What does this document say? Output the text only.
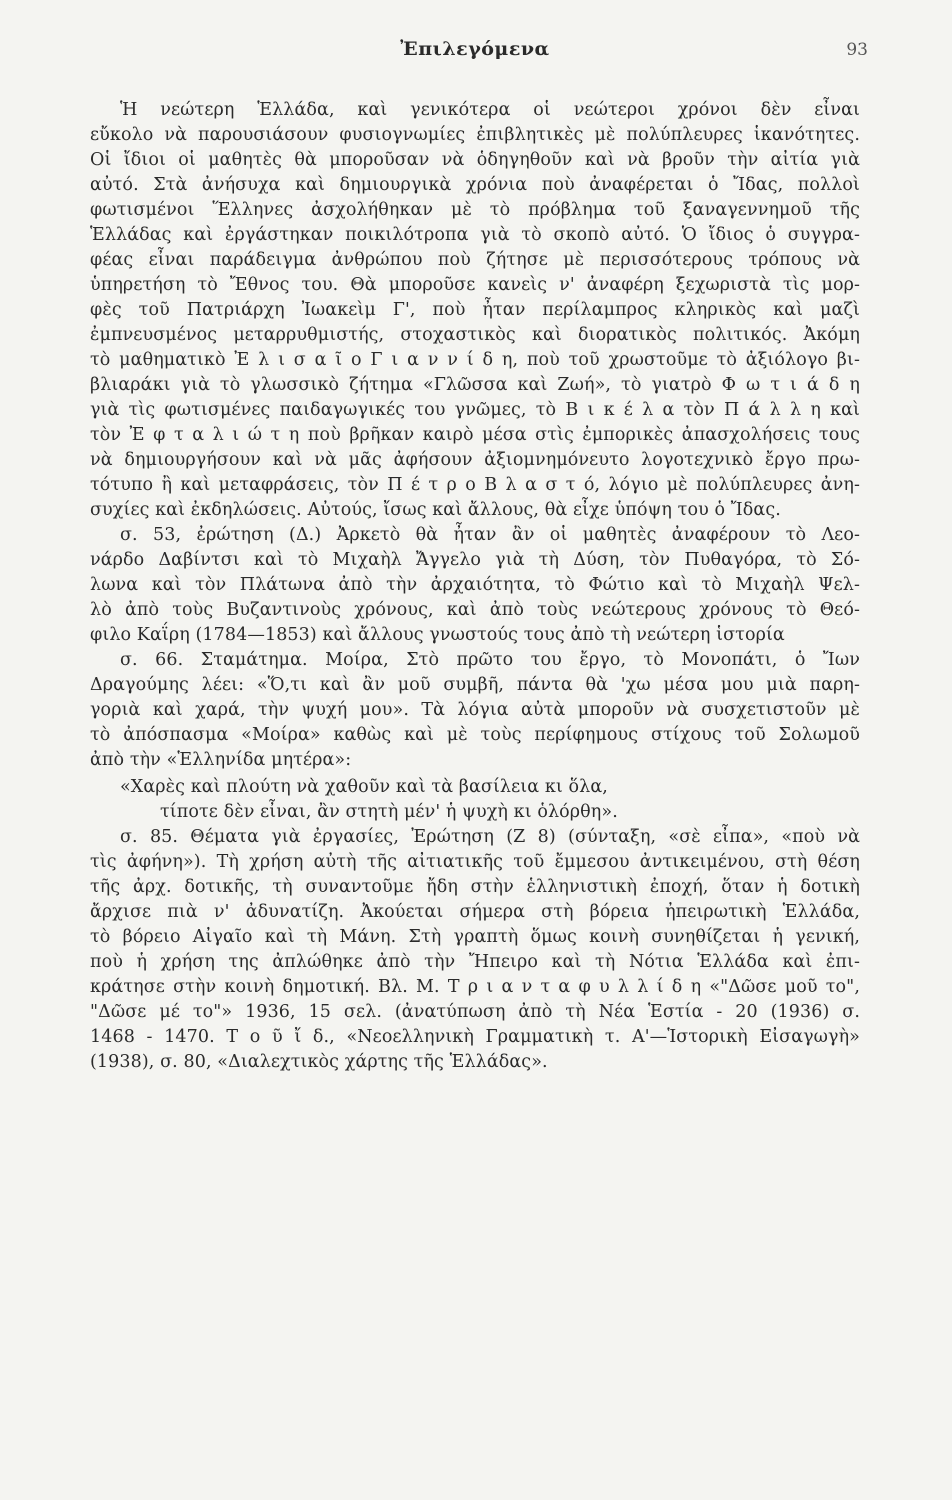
Ἐπιλεγόμενα	93
Ἡ νεώτερη Ἑλλάδα, καὶ γενικότερα οἱ νεώτεροι χρόνοι δὲν εἶναι
εὔκολο νὰ παρουσιάσουν φυσιογνωμίες ἐπιβλητικὲς μὲ πολύπλευρες ἱκανότητες.
Οἱ ἴδιοι οἱ μαθητὲς θὰ μποροῦσαν νὰ ὁδηγηθοῦν καὶ νὰ βροῦν τὴν αἰτία γιὰ
αὐτό. Στὰ ἀνήσυχα καὶ δημιουργικὰ χρόνια ποὺ ἀναφέρεται ὁ Ἴδας, πολλοὶ
φωτισμένοι Ἕλληνες ἀσχολήθηκαν μὲ τὸ πρόβλημα τοῦ ξαναγεννημοῦ τῆς
Ἑλλάδας καὶ ἐργάστηκαν ποικιλότροπα γιὰ τὸ σκοπὸ αὐτό. Ὁ ἴδιος ὁ συγγρα-
φέας εἶναι παράδειγμα ἀνθρώπου ποὺ ζήτησε μὲ περισσότερους τρόπους νὰ
ὑπηρετήση τὸ Ἔθνος του. Θὰ μποροῦσε κανεὶς ν' ἀναφέρη ξεχωριστὰ τὶς μορ-
φὲς τοῦ Πατριάρχη Ἰωακεὶμ Γ', ποὺ ἦταν περίλαμπρος κληρικὸς καὶ μαζὶ
ἐμπνευσμένος μεταρρυθμιστής, στοχαστικὸς καὶ διορατικὸς πολιτικός. Ἀκόμη
τὸ μαθηματικὸ Ἐ λ ι σ α ῖ ο Γ ι α ν ν ί δ η, ποὺ τοῦ χρωστοῦμε τὸ ἀξιόλογο βι-
βλιαράκι γιὰ τὸ γλωσσικὸ ζήτημα «Γλῶσσα καὶ Ζωή», τὸ γιατρὸ Φ ω τ ι ά δ η
γιὰ τὶς φωτισμένες παιδαγωγικές του γνῶμες, τὸ Β ι κ έ λ α τὸν Π ά λ λ η καὶ
τὸν Ἐ φ τ α λ ι ώ τ η ποὺ βρῆκαν καιρὸ μέσα στὶς ἐμπορικὲς ἀπασχολήσεις τους
νὰ δημιουργήσουν καὶ νὰ μᾶς ἀφήσουν ἀξιομνημόνευτο λογοτεχνικὸ ἔργο πρω-
τότυπο ἢ καὶ μεταφράσεις, τὸν Π έ τ ρ ο Β λ α σ τ ό, λόγιο μὲ πολύπλευρες ἀνη-
συχίες καὶ ἐκδηλώσεις. Αὐτούς, ἴσως καὶ ἄλλους, θὰ εἶχε ὑπόψη του ὁ Ἴδας.
σ. 53, ἐρώτηση (Δ.) Ἀρκετὸ θὰ ἦταν ἂν οἱ μαθητὲς ἀναφέρουν τὸ Λεο-
νάρδο Δαβίντσι καὶ τὸ Μιχαὴλ Ἄγγελο γιὰ τὴ Δύση, τὸν Πυθαγόρα, τὸ Σό-
λωνα καὶ τὸν Πλάτωνα ἀπὸ τὴν ἀρχαιότητα, τὸ Φώτιο καὶ τὸ Μιχαὴλ Ψελ-
λὸ ἀπὸ τοὺς Βυζαντινοὺς χρόνους, καὶ ἀπὸ τοὺς νεώτερους χρόνους τὸ Θεό-
φιλο Καΐρη (1784—1853) καὶ ἄλλους γνωστούς τους ἀπὸ τὴ νεώτερη ἱστορία
σ. 66. Σταμάτημα. Μοίρα, Στὸ πρῶτο του ἔργο, τὸ Μονοπάτι, ὁ Ἴων
Δραγούμης λέει: «Ὅ,τι καὶ ἂν μοῦ συμβῆ, πάντα θὰ 'χω μέσα μου μιὰ παρη-
γοριὰ καὶ χαρά, τὴν ψυχή μου». Τὰ λόγια αὐτὰ μποροῦν νὰ συσχετιστοῦν μὲ
τὸ ἀπόσπασμα «Μοίρα» καθὼς καὶ μὲ τοὺς περίφημους στίχους τοῦ Σολωμοῦ
ἀπὸ τὴν «Ἑλληνίδα μητέρα»:
«Χαρὲς καὶ πλούτη νὰ χαθοῦν καὶ τὰ βασίλεια κι ὅλα,
τίποτε δὲν εἶναι, ἂν στητὴ μέν' ἡ ψυχὴ κι ὁλόρθη».
σ. 85. Θέματα γιὰ ἐργασίες, Ἐρώτηση (Ζ 8) (σύνταξη, «σὲ εἶπα», «ποὺ νὰ
τὶς ἀφήνη»). Τὴ χρήση αὐτὴ τῆς αἰτιατικῆς τοῦ ἔμμεσου ἀντικειμένου, στὴ θέση
τῆς ἀρχ. δοτικῆς, τὴ συναντοῦμε ἤδη στὴν ἑλληνιστικὴ ἐποχή, ὅταν ἡ δοτικὴ
ἄρχισε πιὰ ν' ἀδυνατίζη. Ἀκούεται σήμερα στὴ βόρεια ἠπειρωτικὴ Ἑλλάδα,
τὸ βόρειο Αἰγαῖο καὶ τὴ Μάνη. Στὴ γραπτὴ ὅμως κοινὴ συνηθίζεται ἡ γενική,
ποὺ ἡ χρήση της ἀπλώθηκε ἀπὸ τὴν Ἤπειρο καὶ τὴ Νότια Ἑλλάδα καὶ ἐπι-
κράτησε στὴν κοινὴ δημοτική. Βλ. Μ. Τ ρ ι α ν τ α φ υ λ λ ί δ η «"Δῶσε μοῦ το",
"Δῶσε μέ το"» 1936, 15 σελ. (ἀνατύπωση ἀπὸ τὴ Νέα Ἑστία - 20 (1936) σ.
1468 - 1470. Τ ο ῦ ἴ δ., «Νεοελληνικὴ Γραμματικὴ τ. Α'—Ἱστορικὴ Εἰσαγωγὴ»
(1938), σ. 80, «Διαλεχτικὸς χάρτης τῆς Ἑλλάδας».
